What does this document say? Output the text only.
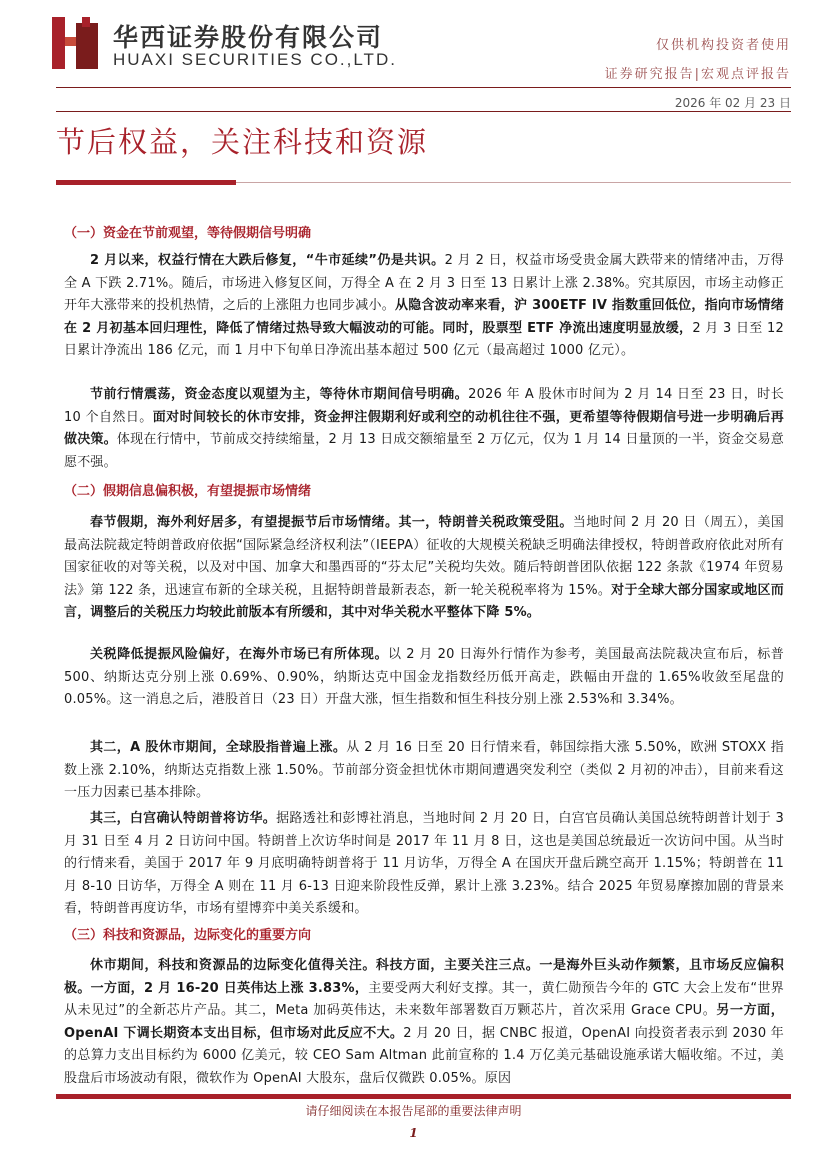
华西证券股份有限公司
HUAXI SECURITIES CO.,LTD.
仅供机构投资者使用
证券研究报告|宏观点评报告
2026 年 02 月 23 日
节后权益，关注科技和资源
（一）资金在节前观望，等待假期信号明确

2 月以来，权益行情在大跌后修复，“牛市延续”仍是共识。2 月 2 日，权益市场受贵金属大跌带来的情绪冲击，万得全 A 下跌 2.71%。随后，市场进入修复区间，万得全 A 在 2 月 3 日至 13 日累计上涨 2.38%。究其原因，市场主动修正开年大涨带来的投机热情，之后的上涨阻力也同步减小。从隐含波动率来看，沪 300ETF IV 指数重回低位，指向市场情绪在 2 月初基本回归理性，降低了情绪过热导致大幅波动的可能。同时，股票型 ETF 净流出速度明显放缓，2 月 3 日至 12 日累计净流出 186 亿元，而 1 月中下旬单日净流出基本超过 500 亿元（最高超过 1000 亿元）。

节前行情震荡，资金态度以观望为主，等待休市期间信号明确。2026 年 A 股休市时间为 2 月 14 日至 23 日，时长 10 个自然日。面对时间较长的休市安排，资金押注假期利好或利空的动机往往不强，更希望等待假期信号进一步明确后再做决策。体现在行情中，节前成交持续缩量，2 月 13 日成交额缩量至 2 万亿元，仅为 1 月 14 日量顶的一半，资金交易意愿不强。

（二）假期信息偏积极，有望提振市场情绪

春节假期，海外利好居多，有望提振节后市场情绪。其一，特朗普关税政策受阻。当地时间 2 月 20 日（周五），美国最高法院裁定特朗普政府依据“国际紧急经济权利法”（IEEPA）征收的大规模关税缺乏明确法律授权，特朗普政府依此对所有国家征收的对等关税，以及对中国、加拿大和墨西哥的“芬太尼”关税均失效。随后特朗普团队依据 122 条款《1974 年贸易法》第 122 条，迅速宣布新的全球关税，且据特朗普最新表态，新一轮关税税率将为 15%。对于全球大部分国家或地区而言，调整后的关税压力均较此前版本有所缓和，其中对华关税水平整体下降 5%。

关税降低提振风险偏好，在海外市场已有所体现。以 2 月 20 日海外行情作为参考，美国最高法院裁决宣布后，标普 500、纳斯达克分别上涨 0.69%、0.90%，纳斯达克中国金龙指数经历低开高走，跌幅由开盘的 1.65%收敛至尾盘的 0.05%。这一消息之后，港股首日（23 日）开盘大涨，恒生指数和恒生科技分别上涨 2.53%和 3.34%。

其二，A 股休市期间，全球股指普遍上涨。从 2 月 16 日至 20 日行情来看，韩国综指大涨 5.50%，欧洲 STOXX 指数上涨 2.10%，纳斯达克指数上涨 1.50%。节前部分资金担忧休市期间遭遇突发利空（类似 2 月初的冲击），目前来看这一压力因素已基本排除。

其三，白宫确认特朗普将访华。据路透社和彭博社消息，当地时间 2 月 20 日，白宫官员确认美国总统特朗普计划于 3 月 31 日至 4 月 2 日访问中国。特朗普上次访华时间是 2017 年 11 月 8 日，这也是美国总统最近一次访问中国。从当时的行情来看，美国于 2017 年 9 月底明确特朗普将于 11 月访华，万得全 A 在国庆开盘后跳空高开 1.15%；特朗普在 11 月 8-10 日访华，万得全 A 则在 11 月 6-13 日迎来阶段性反弹，累计上涨 3.23%。结合 2025 年贸易摩擦加剧的背景来看，特朗普再度访华，市场有望博弈中美关系缓和。

（三）科技和资源品，边际变化的重要方向

休市期间，科技和资源品的边际变化值得关注。科技方面，主要关注三点。一是海外巨头动作频繁，且市场反应偏积极。一方面，2 月 16-20 日英伟达上涨 3.83%，主要受两大利好支撑。其一，黄仁勋预告今年的 GTC 大会上发布“世界从未见过”的全新芯片产品。其二，Meta 加码英伟达，未来数年部署数百万颗芯片，首次采用 Grace CPU。另一方面，OpenAI 下调长期资本支出目标，但市场对此反应不大。2 月 20 日，据 CNBC 报道，OpenAI 向投资者表示到 2030 年的总算力支出目标约为 6000 亿美元，较 CEO Sam Altman 此前宣称的 1.4 万亿美元基础设施承诺大幅收缩。不过，美股盘后市场波动有限，微软作为 OpenAI 大股东，盘后仅微跌 0.05%。原因

请仔细阅读在本报告尾部的重要法律声明
1
